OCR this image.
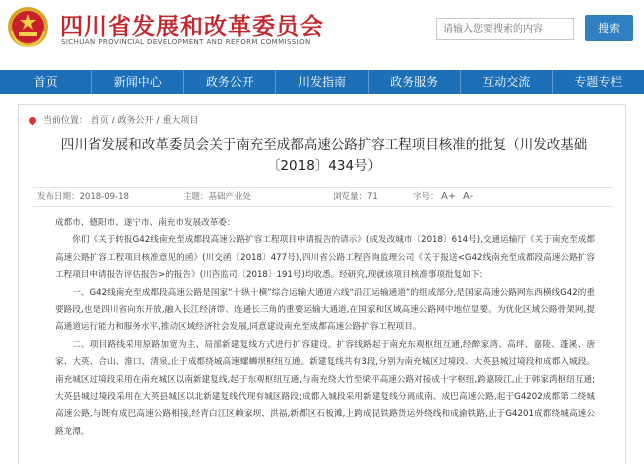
四川省发展和改革委员会
SICHUAN PROVINCIAL DEVELOPMENT AND REFORM COMMISSION
请输入您要搜索的内容
搜索
首页	新闻中心	政务公开	川发指南	政务服务	互动交流	专题专栏
当前位置： 首页 / 政务公开 / 重大项目
四川省发展和改革委员会关于南充至成都高速公路扩容工程项目核准的批复（川发改基础〔2018〕434号）
发布日期：2018-09-18	主题：基础产业处	浏览量：71	字号： A+ A-

成都市、德阳市、遂宁市、南充市发展改革委：

你们《关于转报G42线南充至成都段高速公路扩容工程项目申请报告的请示》(成发改城市〔2018〕614号),交通运输厅《关于南充至成都高速公路扩容工程项目核准意见的函》(川交函〔2018〕477号),四川省公路工程咨询监理公司《关于报送<G42线南充至成都段高速公路扩容工程项目申请报告评估报告>的报告》(川咨监司〔2018〕191号)均收悉。经研究,现就该项目核准事项批复如下:

一、G42线南充至成都段高速公路是国家“十纵十横”综合运输大通道六线“沿江运输通道”的组成部分,是国家高速公路网东西横线G42的重要路段,也是四川省向东开放,融入长江经济带、连通长三角的重要运输大通道,在国家和区域高速公路网中地位显要。为优化区域公路骨架网,提高通道运行能力和服务水平,推动区域经济社会发展,同意建设南充至成都高速公路扩容工程项目。

二、项目路线采用原路加宽为主、局部新建复线方式进行扩容建设。扩容线路起于南充东观枢纽互通,经醉家湾、高坪、嘉陵、蓬溪、唐家、大英、合山、淮口、清泉,止于成都绕城高速螺蛳坝枢纽互通。新建复线共有3段,分别为南充城区过境段、大英县城过境段和成都入城段。南充城区过境段采用在南充城区以南新建复线,起于东观枢纽互通,与南充绕大竹至梁平高速公路对接成十字枢纽,跨嘉陵江,止于韩家湾枢纽互通;大英县城过境段采用在大英县城区以北新建复线代现有城区路段;成都入城段采用新建复线分离成南、成巴高速公路,起于G4202成都第二绕城高速公路,与既有成巴高速公路相接,经青白江区赖家坝、洪福,新都区石板滩,上跨成昆铁路货运外绕线和成渝铁路,止于G4201成都绕城高速公路龙潭。
